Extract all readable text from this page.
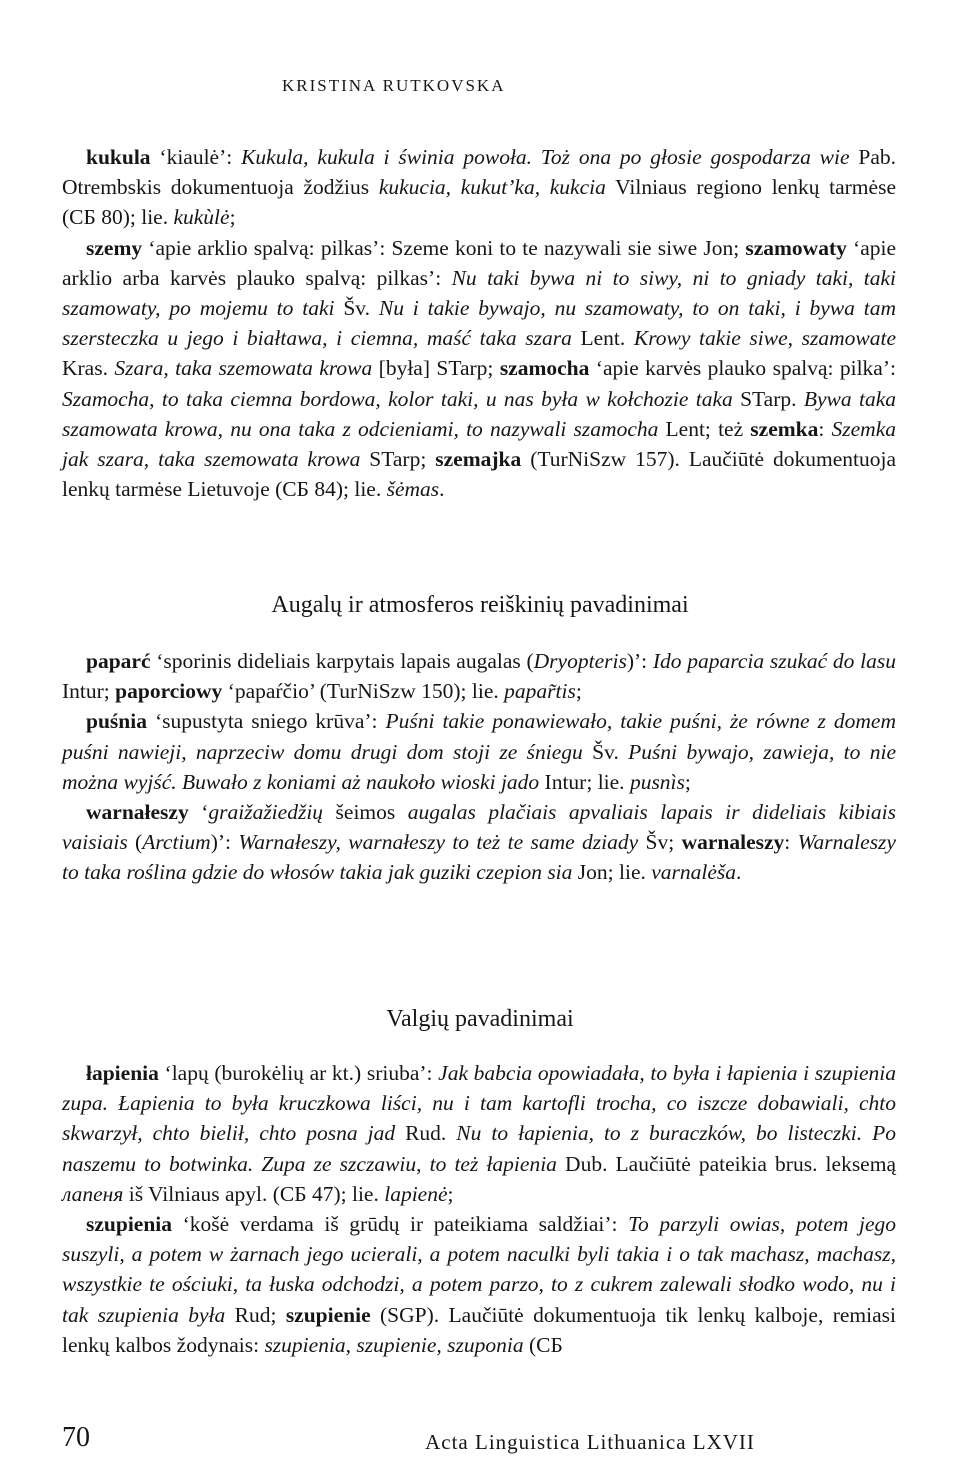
KRISTINA RUTKOVSKA

kukula ‘kiaulė’: Kukula, kukula i świnia powoła. Toż ona po głosie gospodarza wie Pab. Otrembskis dokumentuoja žodžius kukucia, kukut’ka, kukcia Vilniaus regiono lenkų tarmėse (СБ 80); lie. kukùlė;

szemy ‘apie arklio spalvą: pilkas’: Szeme koni to te nazywali sie siwe Jon; szamowaty ‘apie arklio arba karvės plauko spalvą: pilkas’: Nu taki bywa ni to siwy, ni to gniady taki, taki szamowaty, po mojemu to taki Šv. Nu i takie bywajo, nu szamowaty, to on taki, i bywa tam szersteczka u jego i białtawa, i ciemna, maść taka szara Lent. Krowy takie siwe, szamowate Kras. Szara, taka szemowata krowa [była] STarp; szamocha ‘apie karvės plauko spalvą: pilka’: Szamocha, to taka ciemna bordowa, kolor taki, u nas była w kołchozie taka STarp. Bywa taka szamowata krowa, nu ona taka z odcieniami, to nazywali szamocha Lent; też szemka: Szemka jak szara, taka szemowata krowa STarp; szemajka (TurNiSzw 157). Laučiūtė dokumentuoja lenkų tarmėse Lietuvoje (СБ 84); lie. šėmas.

Augalų ir atmosferos reiškinių pavadinimai

paparć ‘sporinis dideliais karpytais lapais augalas (Dryopteris)’: Ido paparcia szukać do lasu Intur; paporciowy ‘papaŕčio’ (TurNiSzw 150); lie. papar̃tis;

puśnia ‘supustyta sniego krūva’: Puśni takie ponawiewało, takie puśni, że równe z domem puśni nawieji, naprzeciw domu drugi dom stoji ze śniegu Šv. Puśni bywajo, zawieja, to nie można wyjść. Buwało z koniami aż naukoło wioski jado Intur; lie. pusnìs;

warnałeszy ‘graižažiedžių šeimos augalas plačiais apvaliais lapais ir dideliais kibiais vaisiais (Arctium)’: Warnałeszy, warnałeszy to też te same dziady Šv; warnaleszy: Warnaleszy to taka roślina gdzie do włosów takia jak guziki czepion sia Jon; lie. varnalėša.

Valgių pavadinimai

łapienia ‘lapų (burokėlių ar kt.) sriuba’: Jak babcia opowiadała, to była i łapienia i szupienia zupa. Łapienia to była kruczkowa liści, nu i tam kartofli trocha, co iszcze dobawiali, chto skwarzył, chto bielił, chto posna jad Rud. Nu to łapienia, to z buraczków, bo listeczki. Po naszemu to botwinka. Zupa ze szczawiu, to też łapienia Dub. Laučiūtė pateikia brus. leksemą лапеня iš Vilniaus apyl. (СБ 47); lie. lapienė;

szupienia ‘košė verdama iš grūdų ir pateikiama saldžiai’: To parzyli owias, potem jego suszyli, a potem w żarnach jego ucierali, a potem naculki byli takia i o tak machasz, machasz, wszystkie te ościuki, ta łuska odchodzi, a potem parzo, to z cukrem zalewali słodko wodo, nu i tak szupienia była Rud; szupienie (SGP). Laučiūtė dokumentuoja tik lenkų kalboje, remiasi lenkų kalbos žodynais: szupienia, szupienie, szuponia (СБ

70	Acta Linguistica Lithuanica LXVII
